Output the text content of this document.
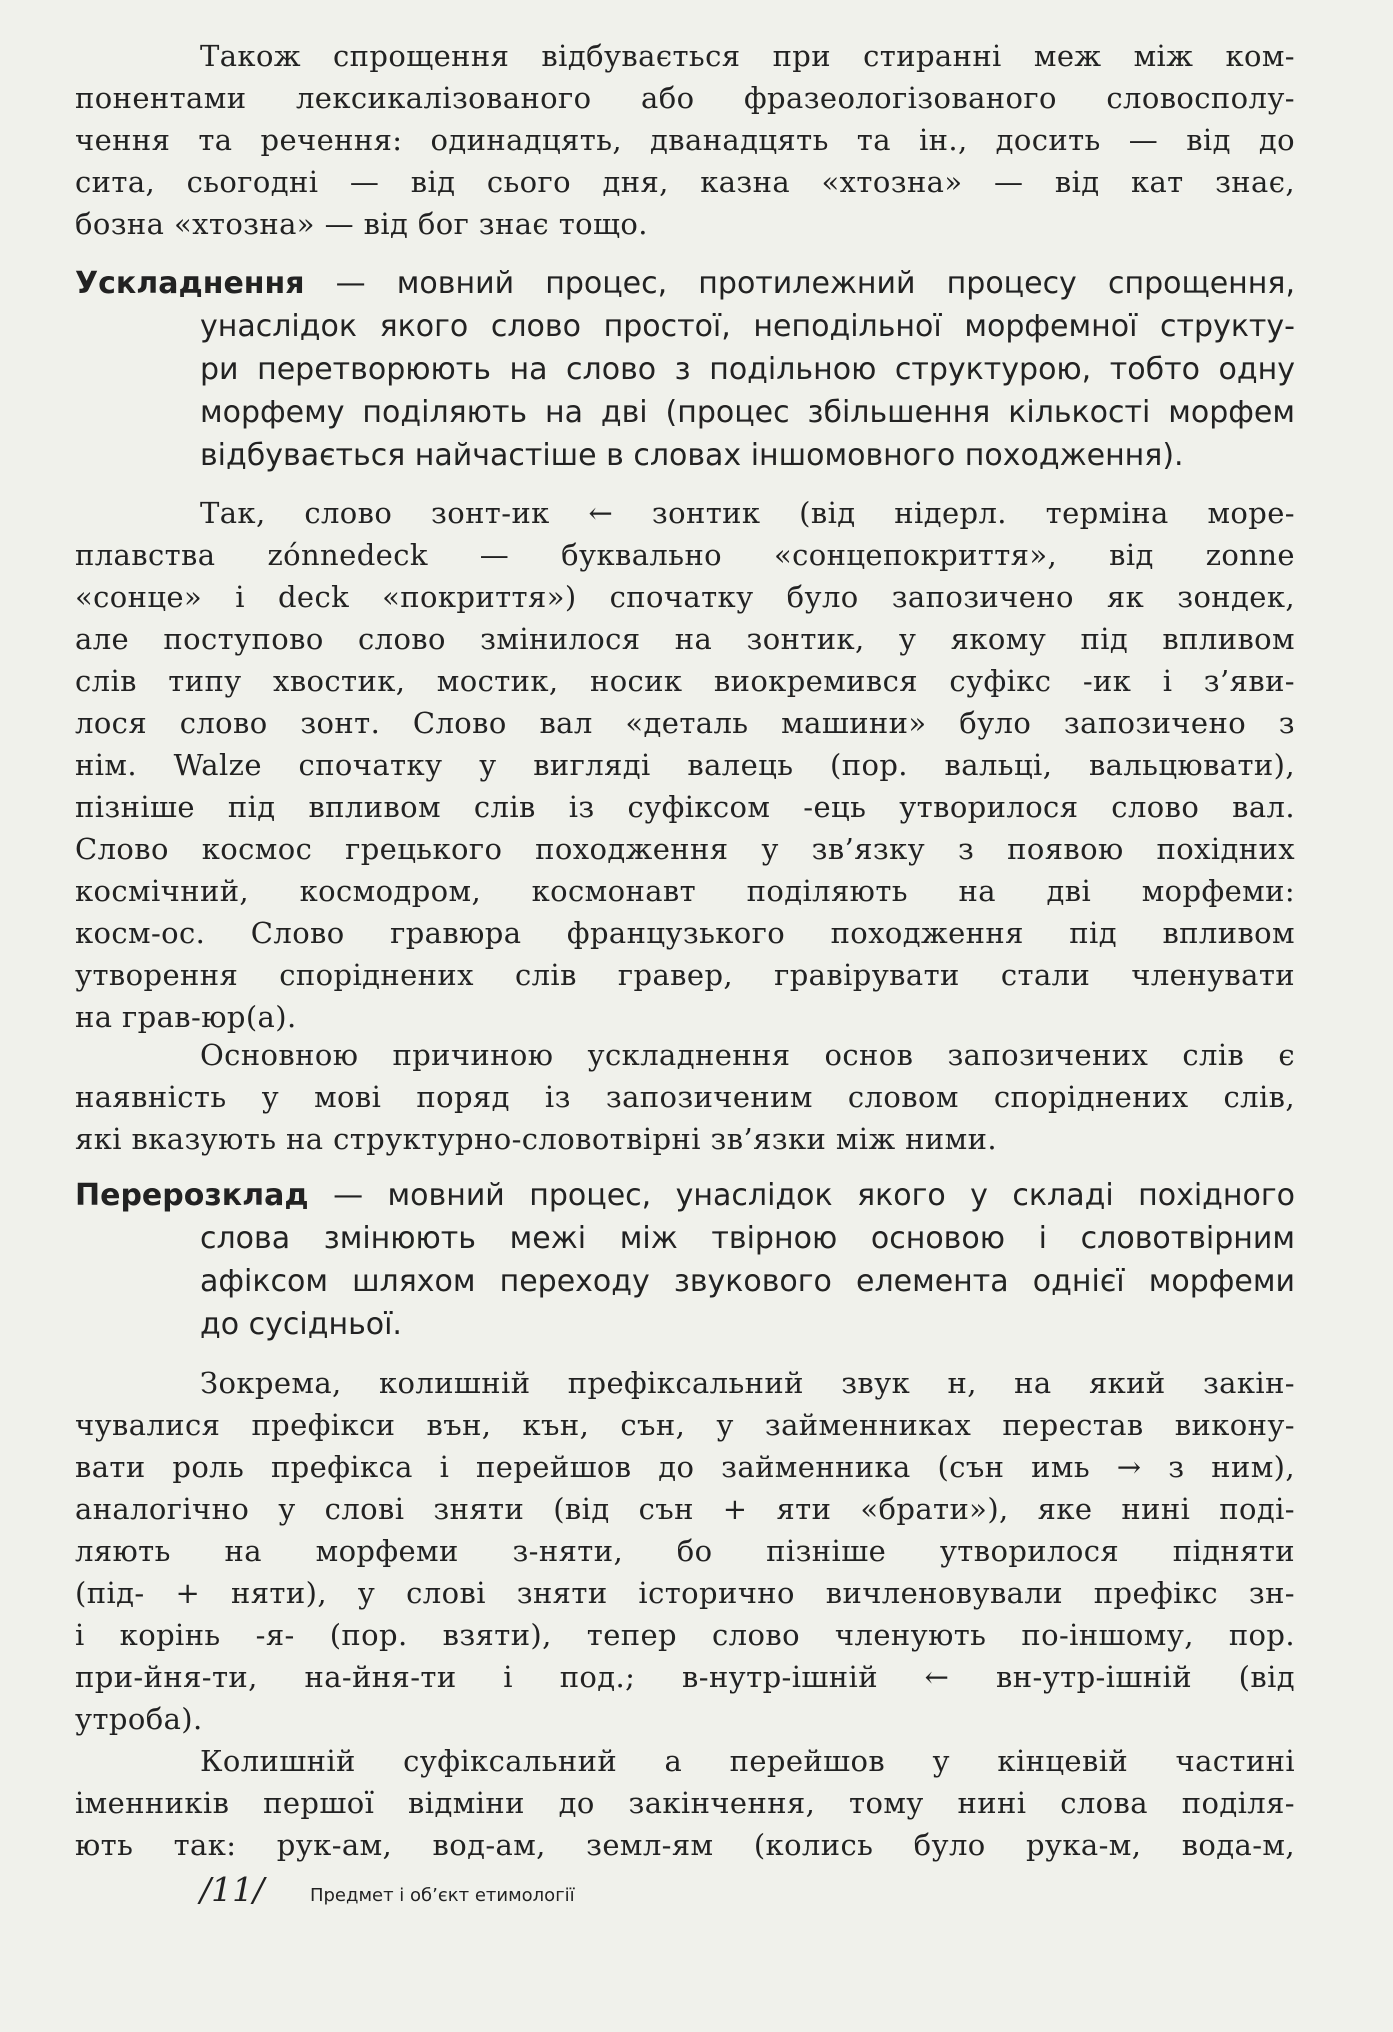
Також спрощення відбувається при стиранні меж між ком-
понентами лексикалізованого або фразеологізованого словосполу-
чення та речення: одинадцять, дванадцять та ін., досить — від до
сита, сьогодні — від сього дня, казна «хтозна» — від кат знає,
бозна «хтозна» — від бог знає тощо.
Ускладнення — мовний процес, протилежний процесу спрощення,
унаслідок якого слово простої, неподільної морфемної структу-
ри перетворюють на слово з подільною структурою, тобто одну
морфему поділяють на дві (процес збільшення кількості морфем
відбувається найчастіше в словах іншомовного походження).
Так, слово зонт-ик ← зонтик (від нідерл. терміна море-
плавства zónnedeck — буквально «сонцепокриття», від zonne
«сонце» і deck «покриття») спочатку було запозичено як зондек,
але поступово слово змінилося на зонтик, у якому під впливом
слів типу хвостик, мостик, носик виокремився суфікс -ик і з’яви-
лося слово зонт. Слово вал «деталь машини» було запозичено з
нім. Walze спочатку у вигляді валець (пор. вальці, вальцювати),
пізніше під впливом слів із суфіксом -ець утворилося слово вал.
Слово космос грецького походження у зв’язку з появою похідних
космічний, космодром, космонавт поділяють на дві морфеми:
косм-ос. Слово гравюра французького походження під впливом
утворення споріднених слів гравер, гравірувати стали членувати
на грав-юр(а).
Основною причиною ускладнення основ запозичених слів є
наявність у мові поряд із запозиченим словом споріднених слів,
які вказують на структурно-словотвірні зв’язки між ними.
Перерозклад — мовний процес, унаслідок якого у складі похідного
слова змінюють межі між твірною основою і словотвірним
афіксом шляхом переходу звукового елемента однієї морфеми
до сусідньої.
Зокрема, колишній префіксальний звук н, на який закін-
чувалися префікси вън, кън, сън, у займенниках перестав викону-
вати роль префікса і перейшов до займенника (сън имь → з ним),
аналогічно у слові зняти (від сън + яти «брати»), яке нині поді-
ляють на морфеми з-няти, бо пізніше утворилося підняти
(під- + няти), у слові зняти історично вичленовували префікс зн-
і корінь -я- (пор. взяти), тепер слово членують по-іншому, пор.
при-йня-ти, на-йня-ти і под.; в-нутр-ішній ← вн-утр-ішній (від
утроба).
Колишній суфіксальний а перейшов у кінцевій частині
іменників першої відміни до закінчення, тому нині слова поділя-
ють так: рук-ам, вод-ам, земл-ям (колись було рука-м, вода-м,
/11/	Предмет і об’єкт етимології
